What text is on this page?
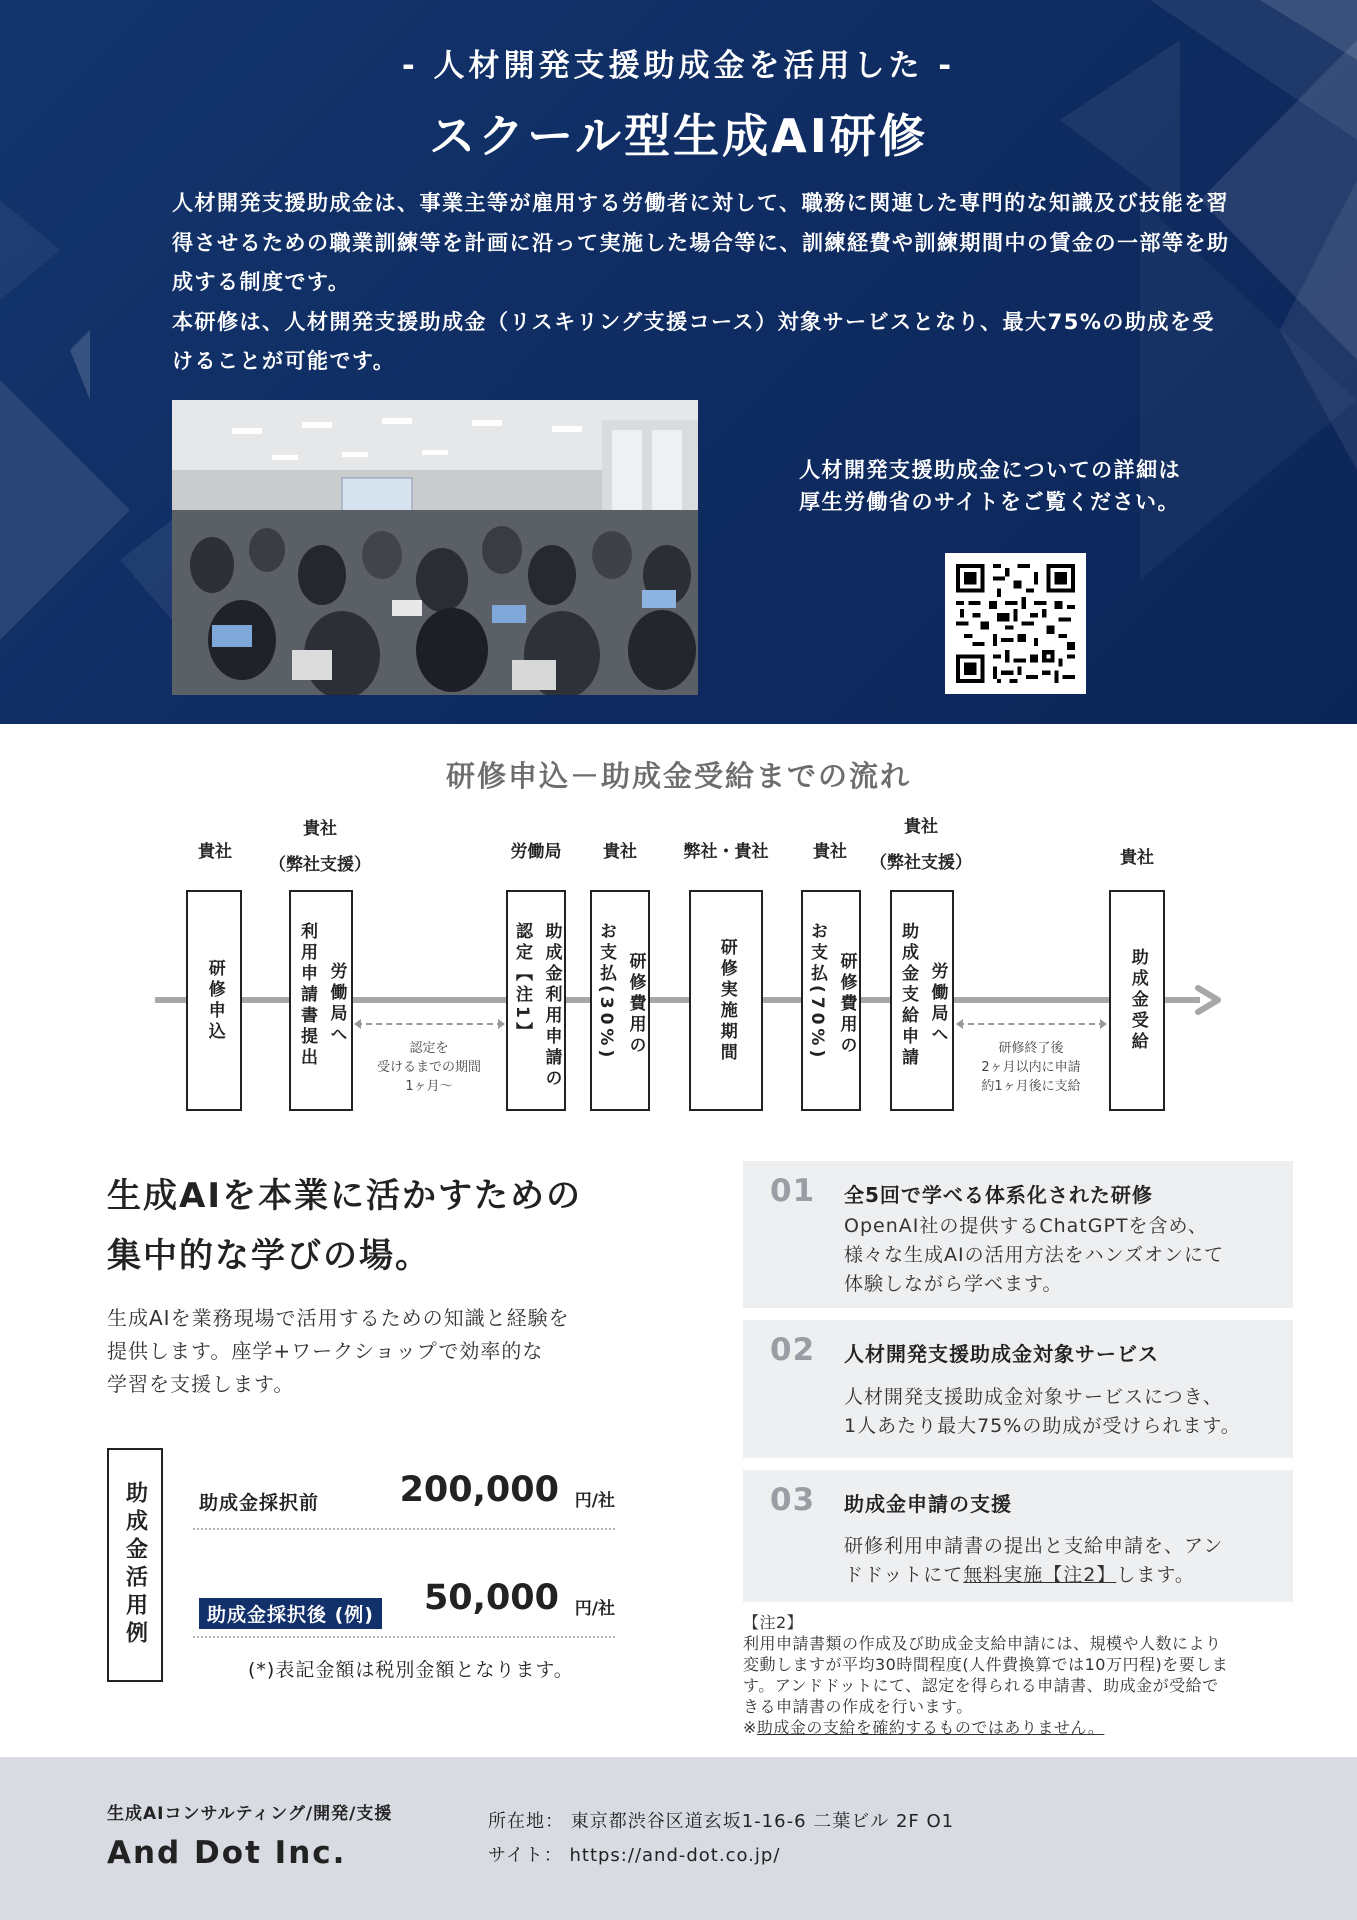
- 人材開発支援助成金を活用した -
スクール型生成AI研修

人材開発支援助成金は、事業主等が雇用する労働者に対して、職務に関連した専門的な知識及び技能を習得させるための職業訓練等を計画に沿って実施した場合等に、訓練経費や訓練期間中の賃金の一部等を助成する制度です。

本研修は、人材開発支援助成金（リスキリング支援コース）対象サービスとなり、最大75%の助成を受けることが可能です。

人材開発支援助成金についての詳細は
厚生労働省のサイトをご覧ください。
研修申込－助成金受給までの流れ
貴社
貴社
（弊社支援）
労働局	貴社	弊社・貴社	貴社
貴社
（弊社支援）	貴社
研修申込	労働局へ
利用申請書提出	助成金利用申請の
認定【注1】	研修費用の
お支払(30%)	研修実施期間	研修費用の
お支払(70%)	労働局へ
助成金支給申請	助成金受給
認定を
受けるまでの期間
1ヶ月〜
研修終了後
2ヶ月以内に申請
約1ヶ月後に支給
生成AIを本業に活かすための
集中的な学びの場。
生成AIを業務現場で活用するための知識と経験を
提供します。座学+ワークショップで効率的な
学習を支援します。
助成金活用例	助成金採択前 200,000 円/社
助成金採択後 (例) 50,000 円/社
(*)表記金額は税別金額となります。
01 全5回で学べる体系化された研修
OpenAI社の提供するChatGPTを含め、
様々な生成AIの活用方法をハンズオンにて
体験しながら学べます。
02 人材開発支援助成金対象サービス
人材開発支援助成金対象サービスにつき、
1人あたり最大75%の助成が受けられます。
03 助成金申請の支援
研修利用申請書の提出と支給申請を、アン
ドドットにて無料実施【注2】します。
【注2】
利用申請書類の作成及び助成金支給申請には、規模や人数により
変動しますが平均30時間程度(人件費換算では10万円程)を要しま
す。アンドドットにて、認定を得られる申請書、助成金が受給で
きる申請書の作成を行います。
※助成金の支給を確約するものではありません。
生成AIコンサルティング/開発/支援
And Dot Inc.
所在地： 東京都渋谷区道玄坂1-16-6 二葉ビル 2F O1
サイト： https://and-dot.co.jp/
